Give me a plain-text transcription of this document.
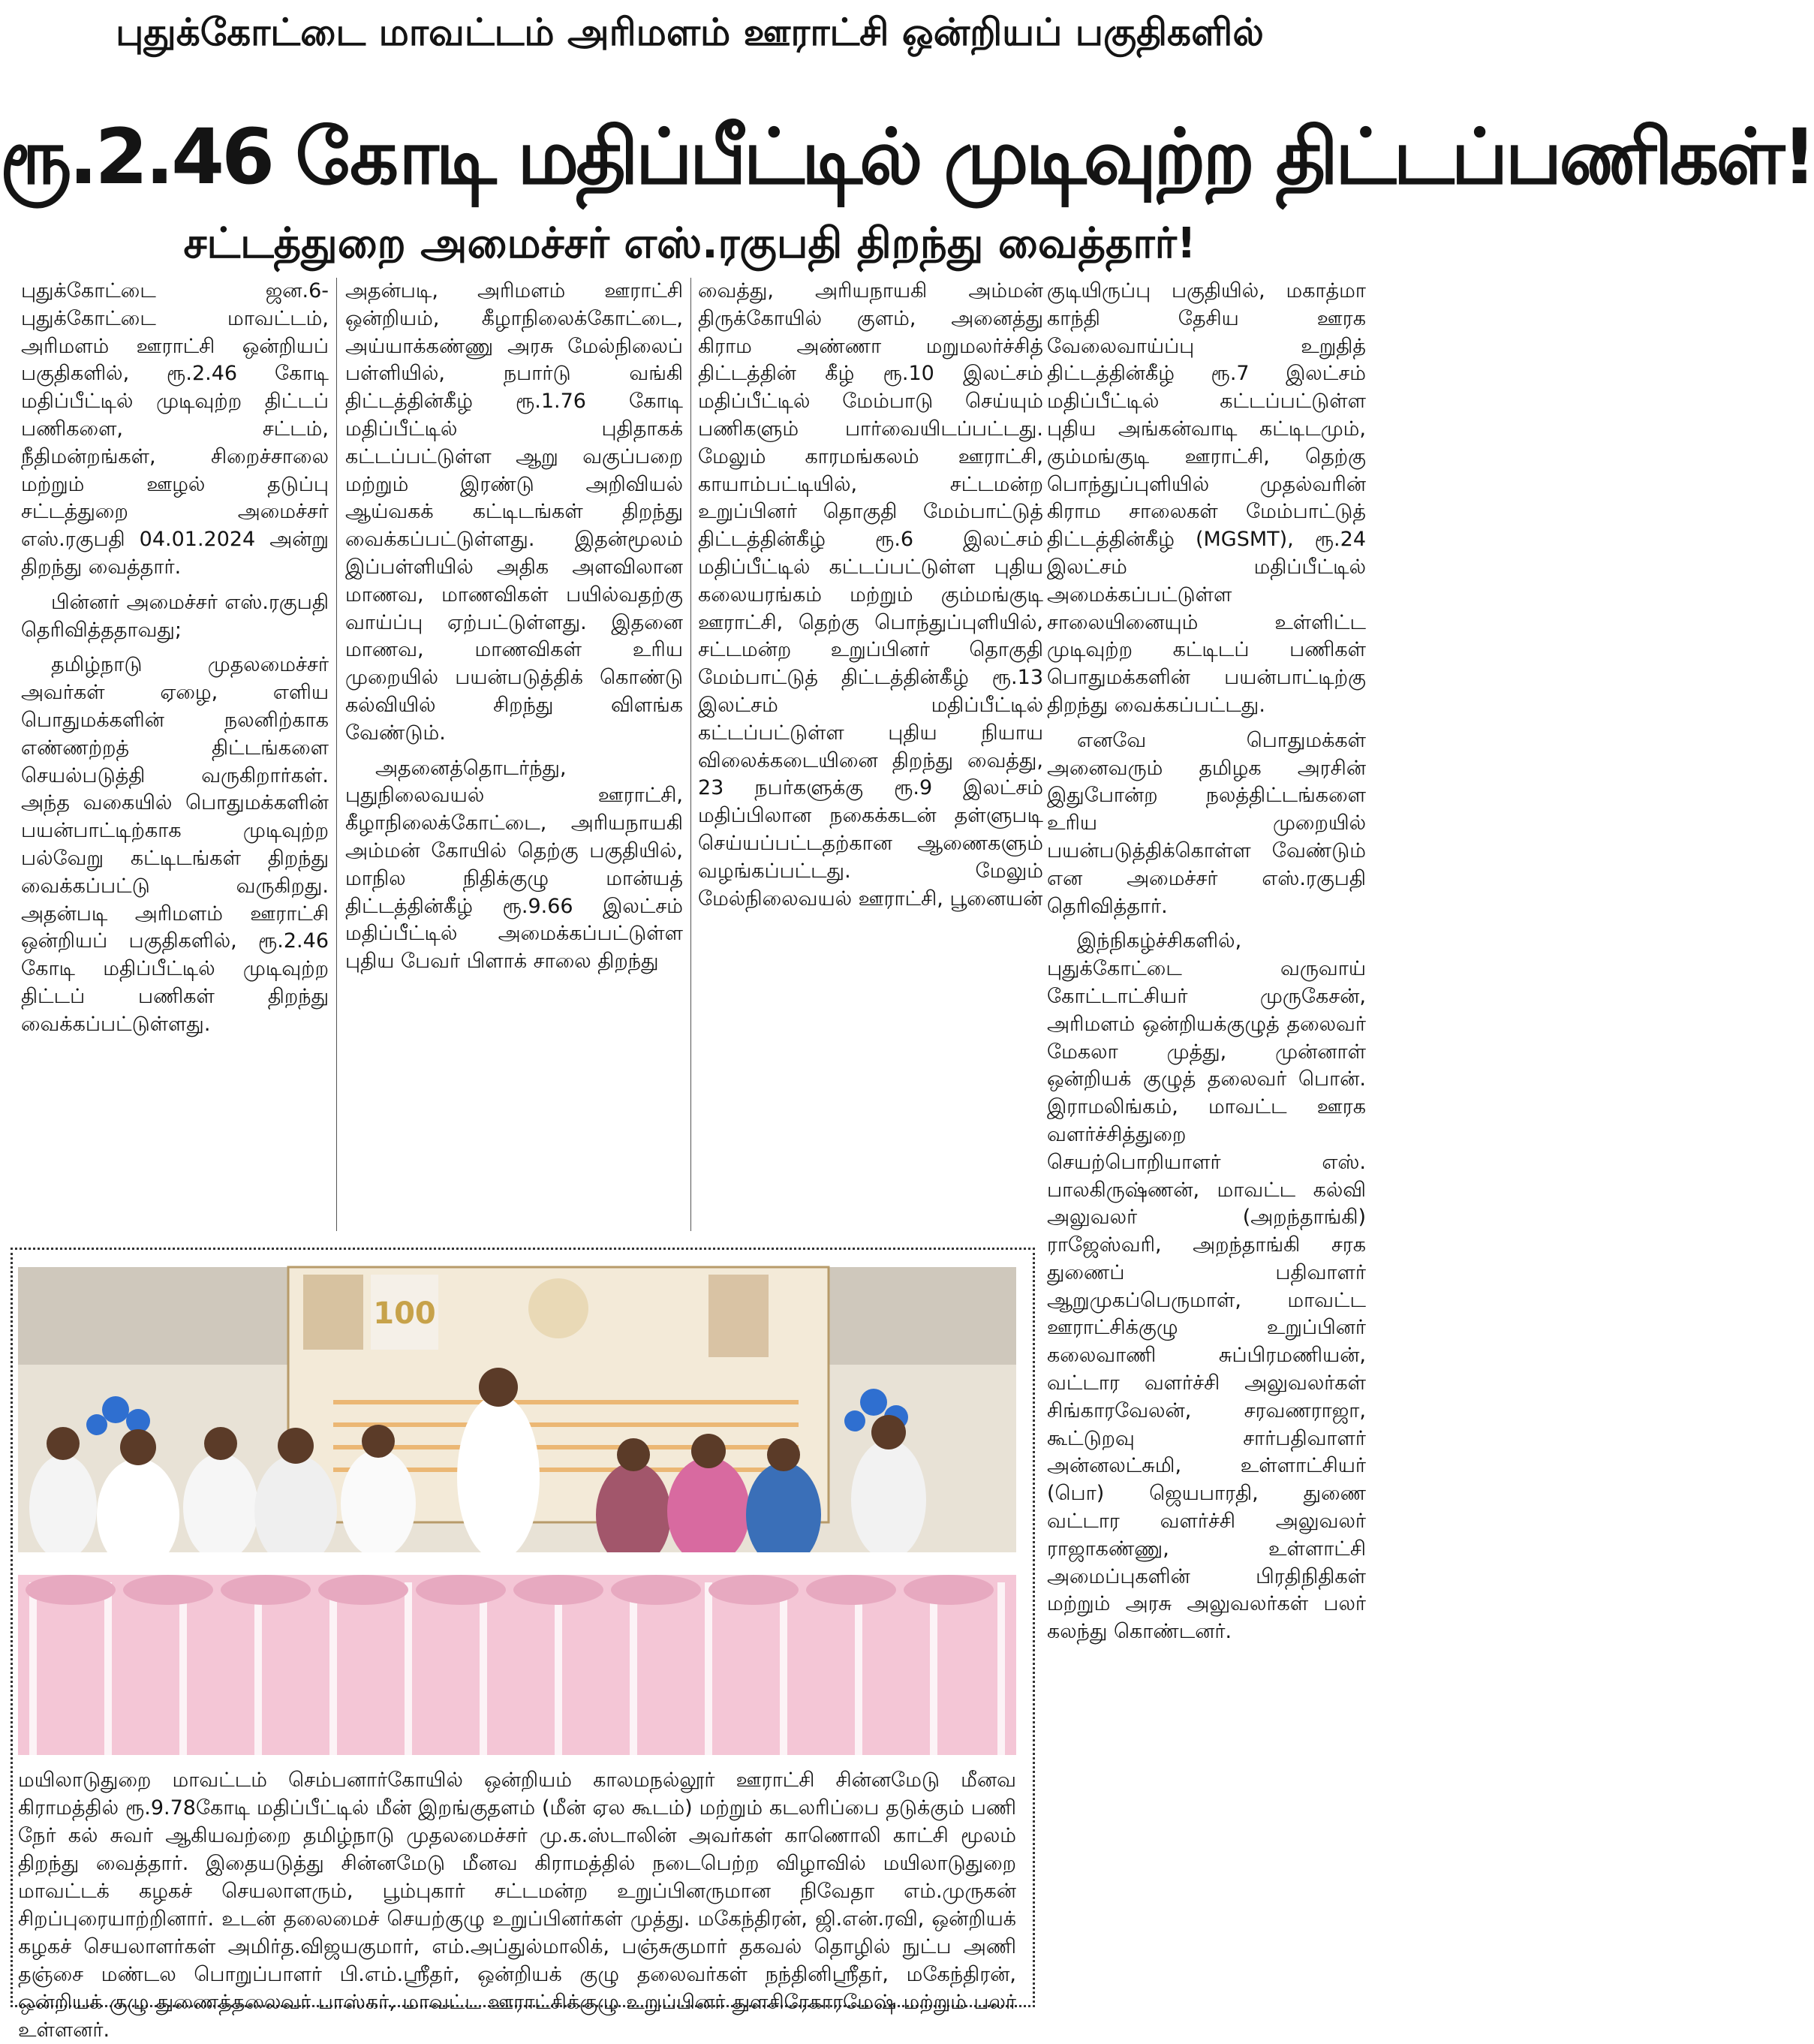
புதுக்கோட்டை மாவட்டம் அரிமளம் ஊராட்சி ஒன்றியப் பகுதிகளில்
ரூ.2.46 கோடி மதிப்பீட்டில் முடிவுற்ற திட்டப்பணிகள்!
சட்டத்துறை அமைச்சர் எஸ்.ரகுபதி திறந்து வைத்தார்!

புதுக்கோட்டை ஜன.6- புதுக்கோட்டை மாவட்டம், அரிமளம் ஊராட்சி ஒன்றியப் பகுதிகளில், ரூ.2.46 கோடி மதிப்பீட்டில் முடிவுற்ற திட்டப் பணிகளை, சட்டம், நீதிமன்றங்கள், சிறைச்சாலை மற்றும் ஊழல் தடுப்பு சட்டத்துறை அமைச்சர் எஸ்.ரகுபதி 04.01.2024 அன்று திறந்து வைத்தார்.

பின்னர் அமைச்சர் எஸ்.ரகுபதி தெரிவித்ததாவது;

தமிழ்நாடு முதலமைச்சர் அவர்கள் ஏழை, எளிய பொதுமக்களின் நலனிற்காக எண்ணற்றத் திட்டங்களை செயல்படுத்தி வருகிறார்கள். அந்த வகையில் பொதுமக்களின் பயன்பாட்டிற்காக முடிவுற்ற பல்வேறு கட்டிடங்கள் திறந்து வைக்கப்பட்டு வருகிறது. அதன்படி அரிமளம் ஊராட்சி ஒன்றியப் பகுதிகளில், ரூ.2.46 கோடி மதிப்பீட்டில் முடிவுற்ற திட்டப் பணிகள் திறந்து வைக்கப்பட்டுள்ளது.

அதன்படி, அரிமளம் ஊராட்சி ஒன்றியம், கீழாநிலைக்கோட்டை, அய்யாக்கண்ணு அரசு மேல்நிலைப் பள்ளியில், நபார்டு வங்கி திட்டத்தின்கீழ் ரூ.1.76 கோடி மதிப்பீட்டில் புதிதாகக் கட்டப்பட்டுள்ள ஆறு வகுப்பறை மற்றும் இரண்டு அறிவியல் ஆய்வகக் கட்டிடங்கள் திறந்து வைக்கப்பட்டுள்ளது. இதன்மூலம் இப்பள்ளியில் அதிக அளவிலான மாணவ, மாணவிகள் பயில்வதற்கு வாய்ப்பு ஏற்பட்டுள்ளது. இதனை மாணவ, மாணவிகள் உரிய முறையில் பயன்படுத்திக் கொண்டு கல்வியில் சிறந்து விளங்க வேண்டும்.

அதனைத்தொடர்ந்து, புதுநிலைவயல் ஊராட்சி, கீழாநிலைக்கோட்டை, அரியநாயகி அம்மன் கோயில் தெற்கு பகுதியில், மாநில நிதிக்குழு மான்யத் திட்டத்தின்கீழ் ரூ.9.66 இலட்சம் மதிப்பீட்டில் அமைக்கப்பட்டுள்ள புதிய பேவர் பிளாக் சாலை திறந்து

வைத்து, அரியநாயகி அம்மன் திருக்கோயில் குளம், அனைத்து கிராம அண்ணா மறுமலர்ச்சித் திட்டத்தின் கீழ் ரூ.10 இலட்சம் மதிப்பீட்டில் மேம்பாடு செய்யும் பணிகளும் பார்வையிடப்பட்டது. மேலும் காரமங்கலம் ஊராட்சி, காயாம்பட்டியில், சட்டமன்ற உறுப்பினர் தொகுதி மேம்பாட்டுத் திட்டத்தின்கீழ் ரூ.6 இலட்சம் மதிப்பீட்டில் கட்டப்பட்டுள்ள புதிய கலையரங்கம் மற்றும் கும்மங்குடி ஊராட்சி, தெற்கு பொந்துப்புளியில், சட்டமன்ற உறுப்பினர் தொகுதி மேம்பாட்டுத் திட்டத்தின்கீழ் ரூ.13 இலட்சம் மதிப்பீட்டில் கட்டப்பட்டுள்ள புதிய நியாய விலைக்கடையினை திறந்து வைத்து, 23 நபர்களுக்கு ரூ.9 இலட்சம் மதிப்பிலான நகைக்கடன் தள்ளுபடி செய்யப்பட்டதற்கான ஆணைகளும் வழங்கப்பட்டது. மேலும் மேல்நிலைவயல் ஊராட்சி, பூனையன்

குடியிருப்பு பகுதியில், மகாத்மா காந்தி தேசிய ஊரக வேலைவாய்ப்பு உறுதித் திட்டத்தின்கீழ் ரூ.7 இலட்சம் மதிப்பீட்டில் கட்டப்பட்டுள்ள புதிய அங்கன்வாடி கட்டிடமும், கும்மங்குடி ஊராட்சி, தெற்கு பொந்துப்புளியில் முதல்வரின் கிராம சாலைகள் மேம்பாட்டுத் திட்டத்தின்கீழ் (MGSMT), ரூ.24 இலட்சம் மதிப்பீட்டில் அமைக்கப்பட்டுள்ள சாலையினையும் உள்ளிட்ட முடிவுற்ற கட்டிடப் பணிகள் பொதுமக்களின் பயன்பாட்டிற்கு திறந்து வைக்கப்பட்டது.

எனவே பொதுமக்கள் அனைவரும் தமிழக அரசின் இதுபோன்ற நலத்திட்டங்களை உரிய முறையில் பயன்படுத்திக்கொள்ள வேண்டும் என அமைச்சர் எஸ்.ரகுபதி தெரிவித்தார்.

இந்நிகழ்ச்சிகளில், புதுக்கோட்டை வருவாய் கோட்டாட்சியர் முருகேசன், அரிமளம் ஒன்றியக்குழுத் தலைவர் மேகலா முத்து, முன்னாள் ஒன்றியக் குழுத் தலைவர் பொன். இராமலிங்கம், மாவட்ட ஊரக வளர்ச்சித்துறை செயற்பொறியாளர் எஸ். பாலகிருஷ்ணன், மாவட்ட கல்வி அலுவலர் (அறந்தாங்கி) ராஜேஸ்வரி, அறந்தாங்கி சரக துணைப் பதிவாளர் ஆறுமுகப்பெருமாள், மாவட்ட ஊராட்சிக்குழு உறுப்பினர் கலைவாணி சுப்பிரமணியன், வட்டார வளர்ச்சி அலுவலர்கள் சிங்காரவேலன், சரவணராஜா, கூட்டுறவு சார்பதிவாளர் அன்னலட்சுமி, உள்ளாட்சியர் (பொ) ஜெயபாரதி, துணை வட்டார வளர்ச்சி அலுவலர் ராஜாகண்ணு, உள்ளாட்சி அமைப்புகளின் பிரதிநிதிகள் மற்றும் அரசு அலுவலர்கள் பலர் கலந்து கொண்டனர்.

100
மயிலாடுதுறை மாவட்டம் செம்பனார்கோயில் ஒன்றியம் காலமநல்லூர் ஊராட்சி சின்னமேடு மீனவ கிராமத்தில் ரூ.9.78கோடி மதிப்பீட்டில் மீன் இறங்குதளம் (மீன் ஏல கூடம்) மற்றும் கடலரிப்பை தடுக்கும் பணி நேர் கல் சுவர் ஆகியவற்றை தமிழ்நாடு முதலமைச்சர் மு.க.ஸ்டாலின் அவர்கள் காணொலி காட்சி மூலம் திறந்து வைத்தார். இதையடுத்து சின்னமேடு மீனவ கிராமத்தில் நடைபெற்ற விழாவில் மயிலாடுதுறை மாவட்டக் கழகச் செயலாளரும், பூம்புகார் சட்டமன்ற உறுப்பினருமான நிவேதா எம்.முருகன் சிறப்புரையாற்றினார். உடன் தலைமைச் செயற்குழு உறுப்பினர்கள் முத்து. மகேந்திரன், ஜி.என்.ரவி, ஒன்றியக் கழகச் செயலாளர்கள் அமிர்த.விஜயகுமார், எம்.அப்துல்மாலிக், பஞ்சுகுமார் தகவல் தொழில் நுட்ப அணி தஞ்சை மண்டல பொறுப்பாளர் பி.எம்.ஸ்ரீதர், ஒன்றியக் குழு தலைவர்கள் நந்தினிஸ்ரீதர், மகேந்திரன், ஒன்றியக் குழு துணைத்தலைவர் பாஸ்கர், மாவட்ட ஊராட்சிக்குழு உறுப்பினர் துளசிரேகாரமேஷ் மற்றும் பலர் உள்ளனர்.
